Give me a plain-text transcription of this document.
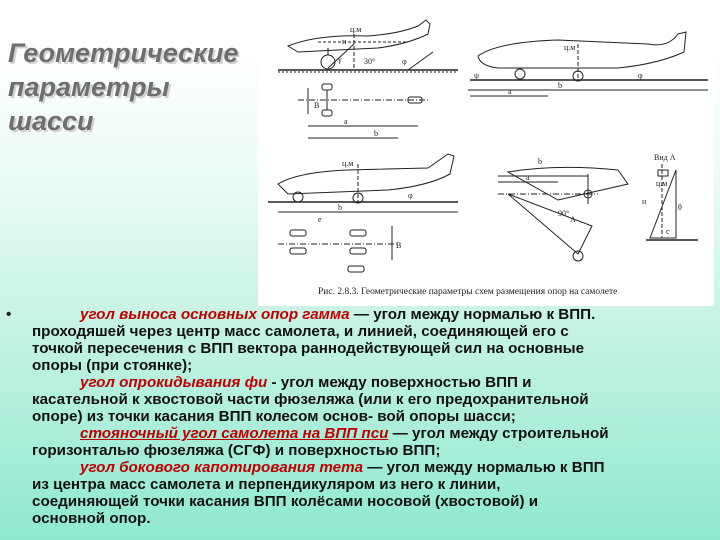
Геометрические
параметры
шасси
ц.м
н
φ
γ	30°
b
a
B
ц.м
ψ	φ
b
a
ц.м
φ
b
e
B
b
a
90°
А
Вид А
ц.м
θ
c
н
Рис. 2.8.3. Геометрические параметры схем размещения опор на самолете
•	угол выноса основных опор гамма — угол между нормалью к ВПП.
проходяшей через центр масс самолета, и линией, соединяющей его с
точкой пересечения с ВПП вектора раннодействующей сил на основные
опоры (при стоянке);
угол опрокидывания фи - угол между поверхностью ВПП и
касательной к хвостовой части фюзеляжа (или к его предохранительной
опоре) из точки касания ВПП колесом основ- вой опоры шасси;
стояночный угол самолета на ВПП пси — угол между строительной
горизонталью фюзеляжа (СГФ) и поверхностью ВПП;
угол бокового капотирования тета — угол между нормалью к ВПП
из центра масс самолета и перпендикуляром из него к линии,
соединяющей точки касания ВПП колёсами носовой (хвостовой) и
основной опор.
